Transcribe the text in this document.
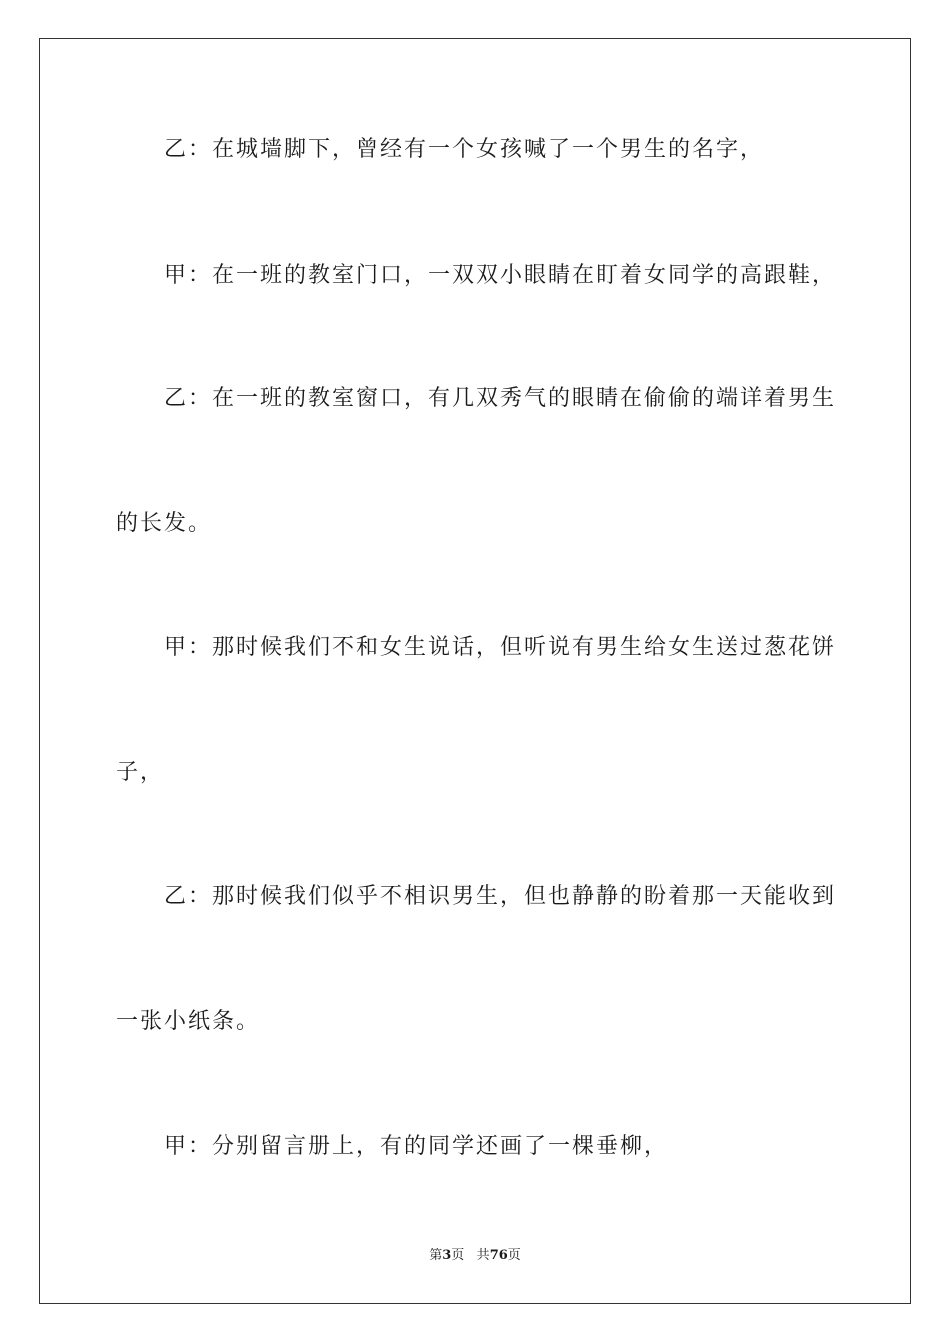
乙：在城墙脚下，曾经有一个女孩喊了一个男生的名字，
甲：在一班的教室门口，一双双小眼睛在盯着女同学的高跟鞋，
乙：在一班的教室窗口，有几双秀气的眼睛在偷偷的端详着男生
的长发。
甲：那时候我们不和女生说话，但听说有男生给女生送过葱花饼
子，
乙：那时候我们似乎不相识男生，但也静静的盼着那一天能收到
一张小纸条。
甲：分别留言册上，有的同学还画了一棵垂柳，
第3页 共76页
